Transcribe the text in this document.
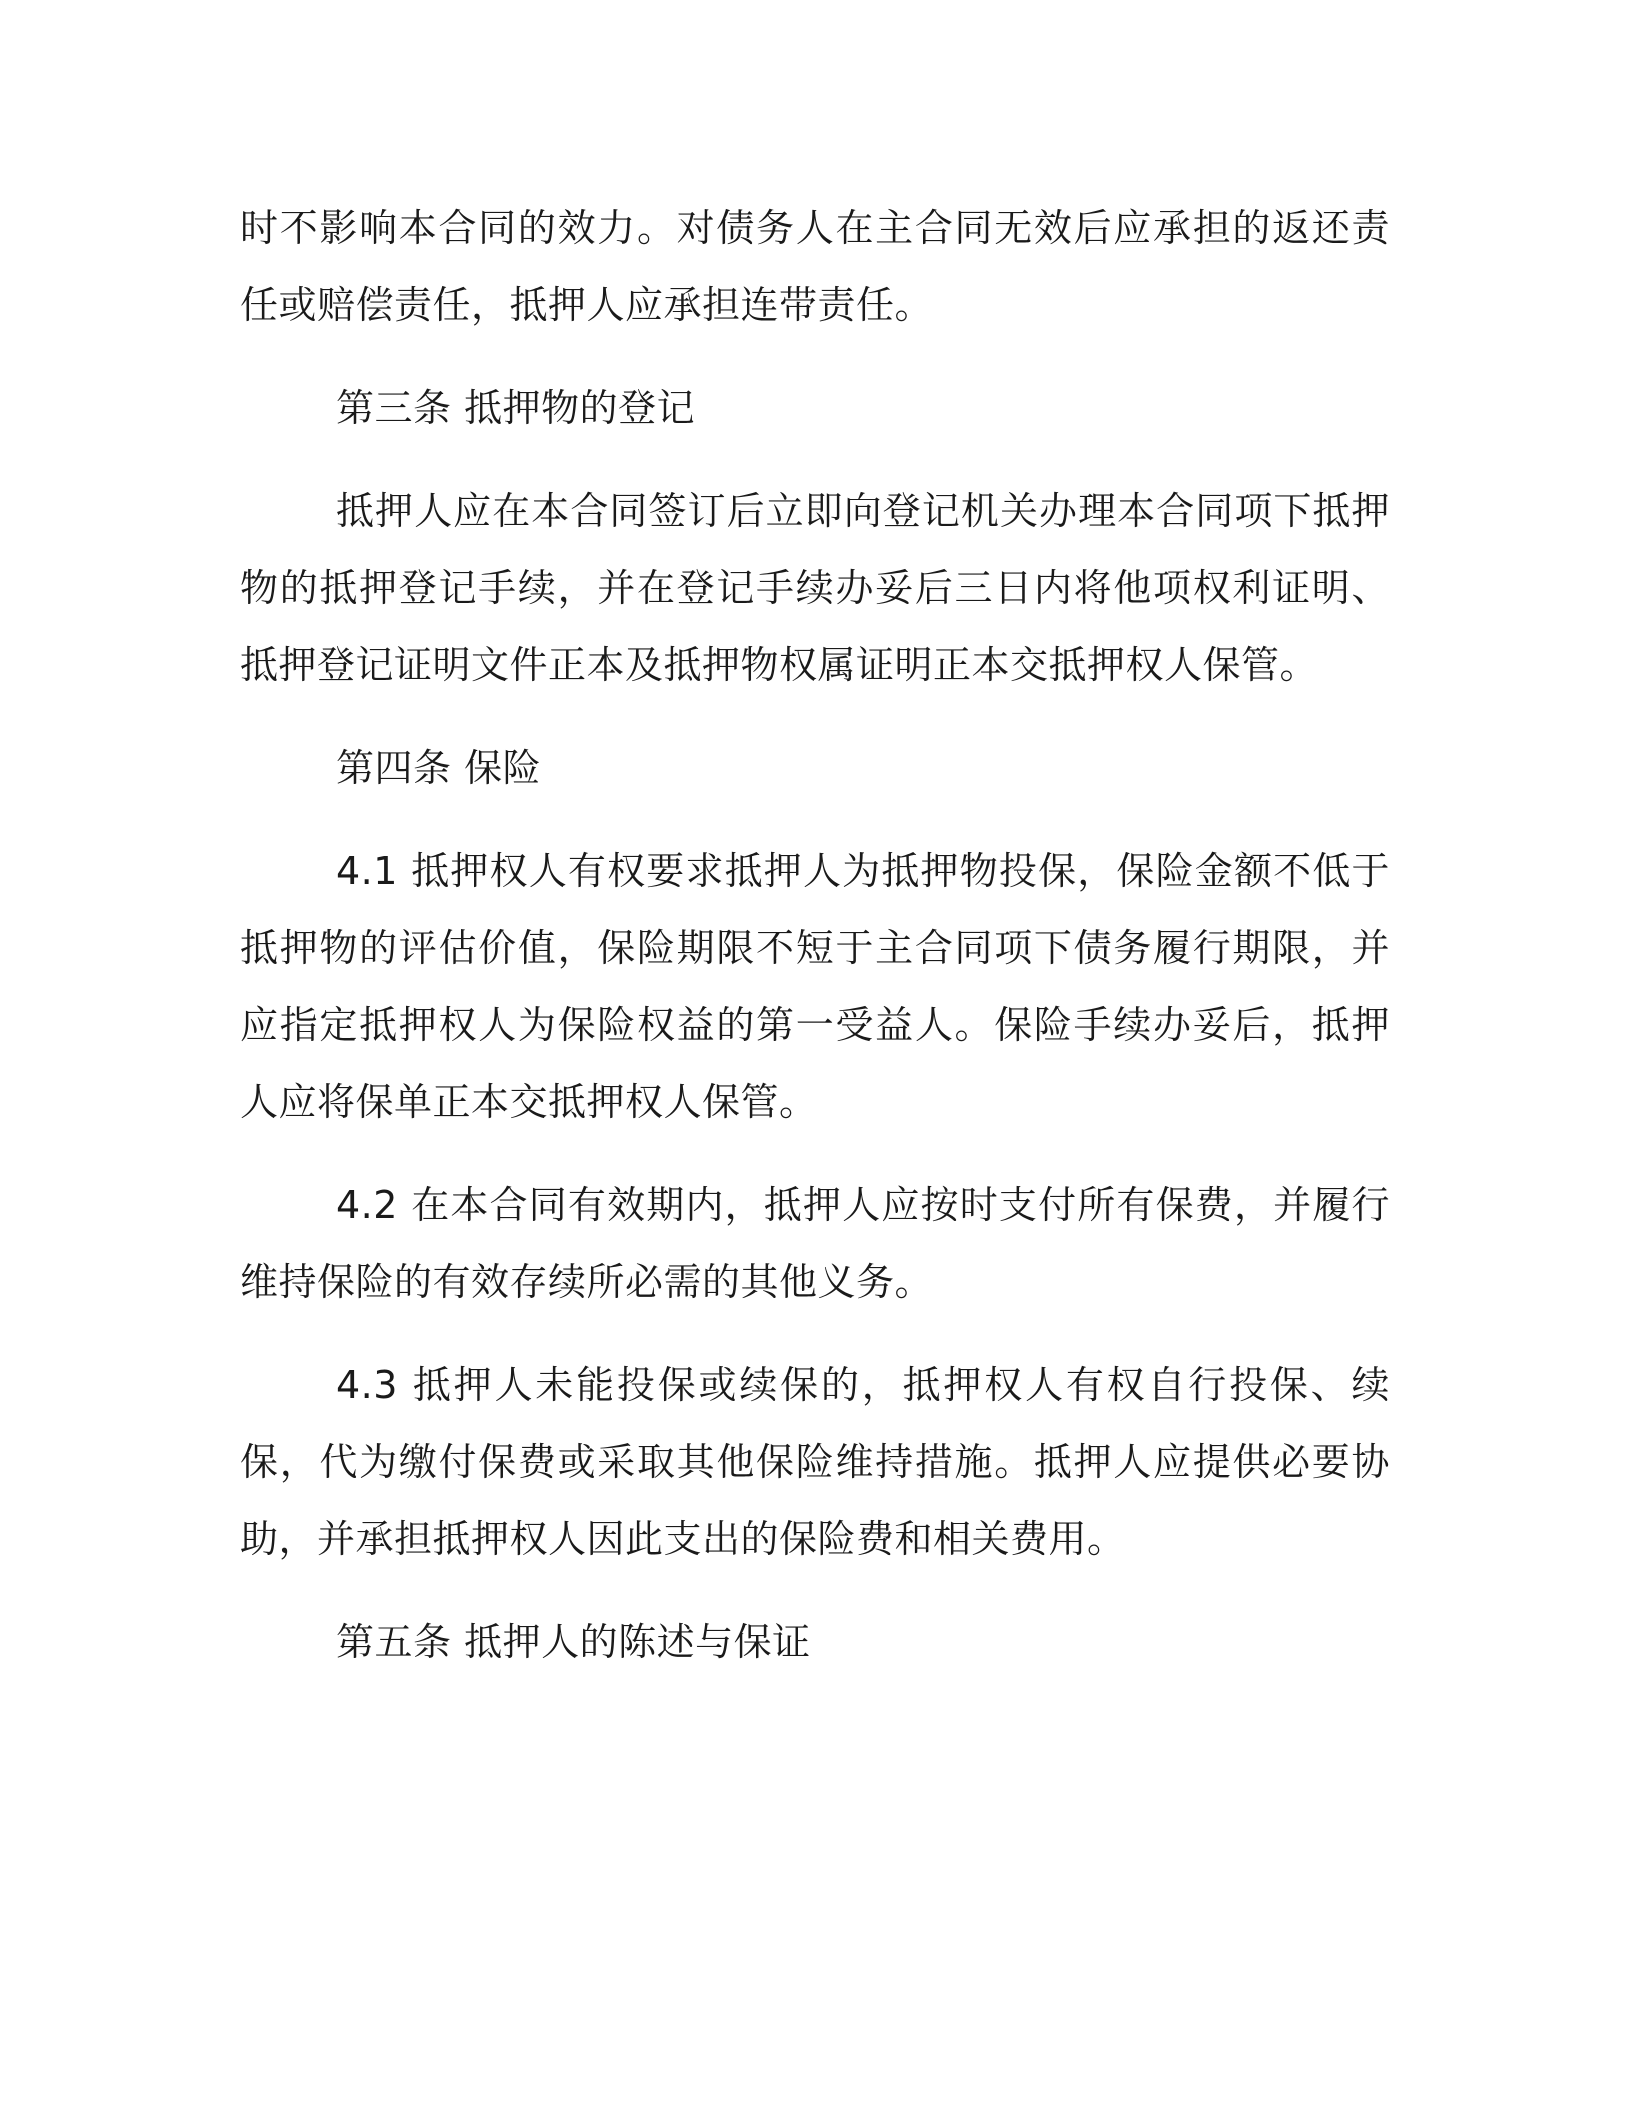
时不影响本合同的效力。对债务人在主合同无效后应承担的返还责任或赔偿责任，抵押人应承担连带责任。

第三条 抵押物的登记

抵押人应在本合同签订后立即向登记机关办理本合同项下抵押物的抵押登记手续，并在登记手续办妥后三日内将他项权利证明、抵押登记证明文件正本及抵押物权属证明正本交抵押权人保管。

第四条 保险

4.1 抵押权人有权要求抵押人为抵押物投保，保险金额不低于抵押物的评估价值，保险期限不短于主合同项下债务履行期限，并应指定抵押权人为保险权益的第一受益人。保险手续办妥后，抵押人应将保单正本交抵押权人保管。

4.2 在本合同有效期内，抵押人应按时支付所有保费，并履行维持保险的有效存续所必需的其他义务。

4.3 抵押人未能投保或续保的，抵押权人有权自行投保、续保，代为缴付保费或采取其他保险维持措施。抵押人应提供必要协助，并承担抵押权人因此支出的保险费和相关费用。

第五条 抵押人的陈述与保证
